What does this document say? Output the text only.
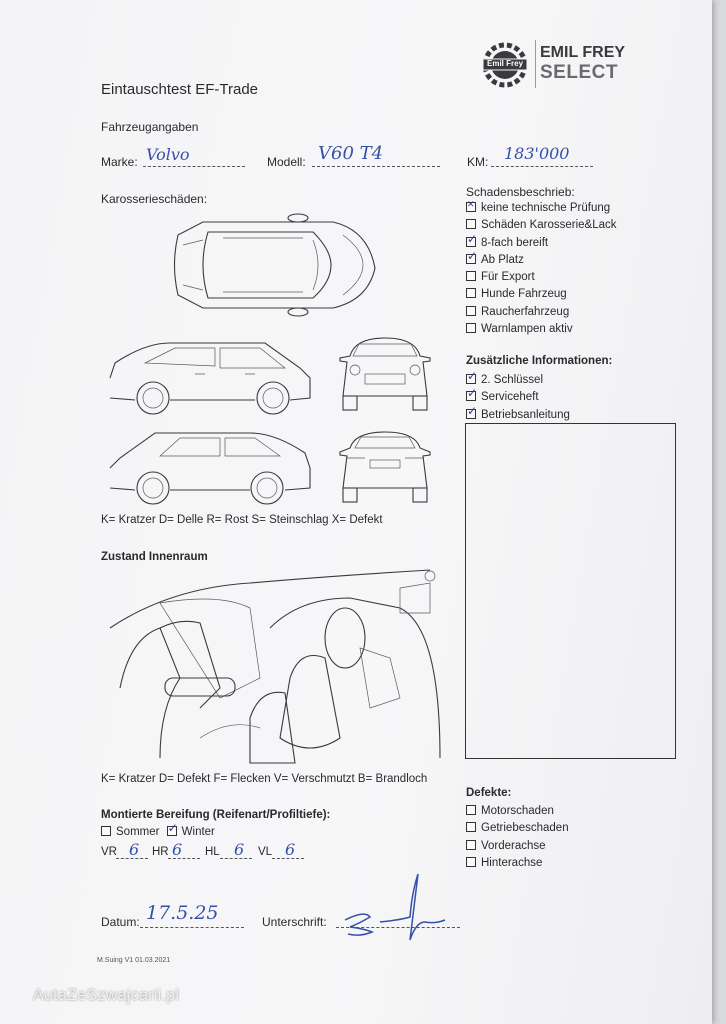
Emil Frey
EMIL FREY
SELECT
Eintauschtest EF-Trade
Fahrzeugangaben
Marke: Volvo	Modell: V60 T4	KM: 183'000
Karosserieschäden:
K= Kratzer D= Delle R= Rost S= Steinschlag X= Defekt
Zustand Innenraum
K= Kratzer D= Defekt F= Flecken V= Verschmutzt B= Brandloch
Schadensbeschrieb:
✕keine technische Prüfung
Schäden Karosserie&Lack
✓8-fach bereift
✓Ab Platz
Für Export
Hunde Fahrzeug
Raucherfahrzeug
Warnlampen aktiv
Zusätzliche Informationen:
✓2. Schlüssel
✓Serviceheft
✓Betriebsanleitung
Montierte Bereifung (Reifenart/Profiltiefe):
Sommer ✓ Winter
VR 6 HR 6 HL 6 VL 6
Defekte:
Motorschaden
Getriebeschaden
Vorderachse
Hinterachse
Datum: 17.5.25	Unterschrift:
M.Suing V1 01.03.2021
AutaZeSzwajcarii.pl
